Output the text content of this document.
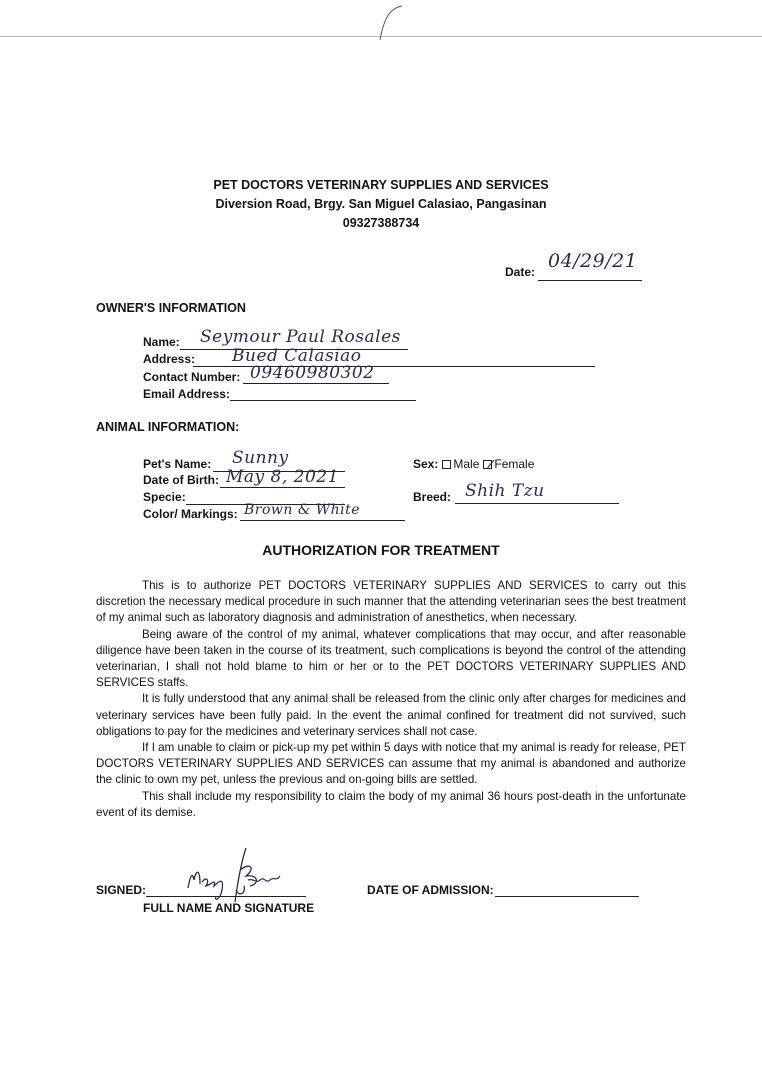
PET DOCTORS VETERINARY SUPPLIES AND SERVICES
Diversion Road, Brgy. San Miguel Calasiao, Pangasinan
09327388734
Date: 04/29/21
OWNER'S INFORMATION
Name: Seymour Paul Rosales
Address: Bued Calasiao
Contact Number: 09460980302
Email Address:
ANIMAL INFORMATION:
Pet's Name: Sunny
Date of Birth: May 8, 2021
Specie:
Color/ Markings: Brown & White
Sex: Male Female
Breed: Shih Tzu
AUTHORIZATION FOR TREATMENT

This is to authorize PET DOCTORS VETERINARY SUPPLIES AND SERVICES to carry out this discretion the necessary medical procedure in such manner that the attending veterinarian sees the best treatment of my animal such as laboratory diagnosis and administration of anesthetics, when necessary.

Being aware of the control of my animal, whatever complications that may occur, and after reasonable diligence have been taken in the course of its treatment, such complications is beyond the control of the attending veterinarian, I shall not hold blame to him or her or to the PET DOCTORS VETERINARY SUPPLIES AND SERVICES staffs.

It is fully understood that any animal shall be released from the clinic only after charges for medicines and veterinary services have been fully paid. In the event the animal confined for treatment did not survived, such obligations to pay for the medicines and veterinary services shall not case.

If I am unable to claim or pick-up my pet within 5 days with notice that my animal is ready for release, PET DOCTORS VETERINARY SUPPLIES AND SERVICES can assume that my animal is abandoned and authorize the clinic to own my pet, unless the previous and on-going bills are settled.

This shall include my responsibility to claim the body of my animal 36 hours post-death in the unfortunate event of its demise.

SIGNED:
FULL NAME AND SIGNATURE
DATE OF ADMISSION:
